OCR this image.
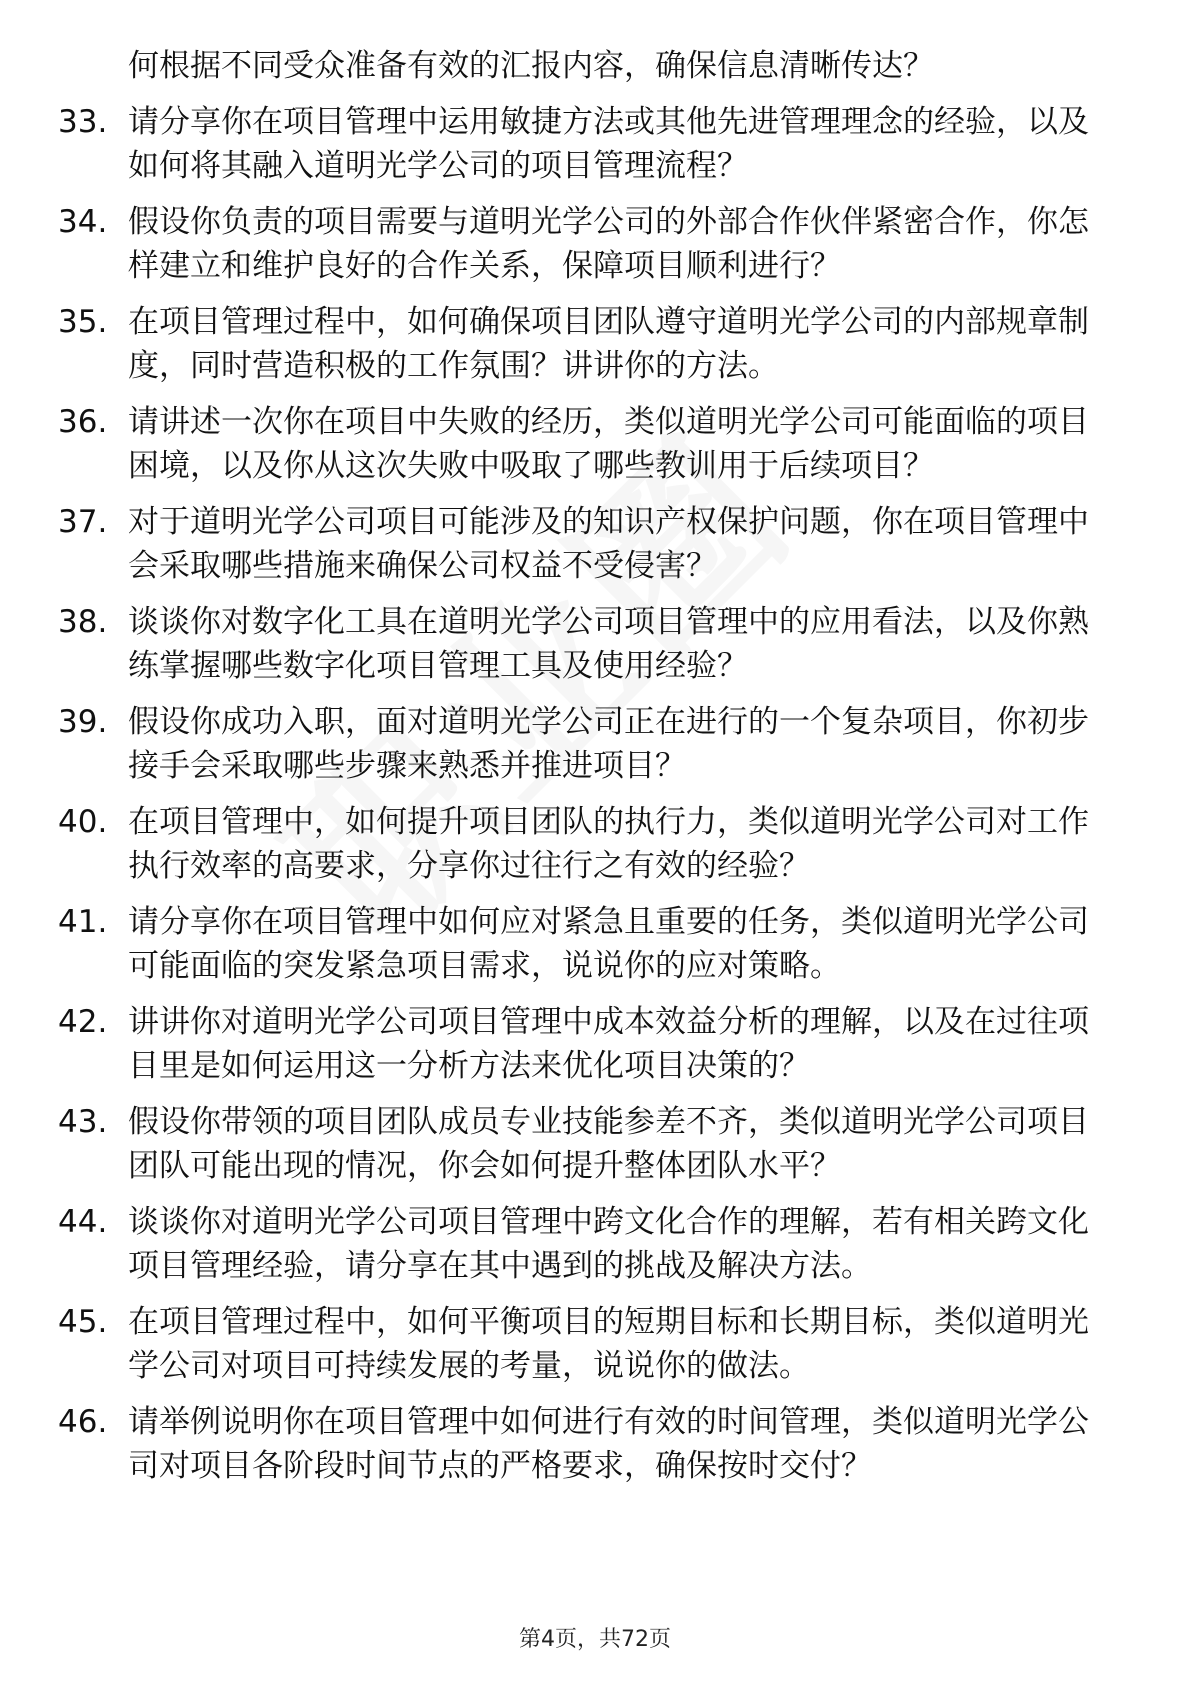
何根据不同受众准备有效的汇报内容，确保信息清晰传达？
33. 请分享你在项目管理中运用敏捷方法或其他先进管理理念的经验，以及如何将其融入道明光学公司的项目管理流程？
34. 假设你负责的项目需要与道明光学公司的外部合作伙伴紧密合作，你怎样建立和维护良好的合作关系，保障项目顺利进行？
35. 在项目管理过程中，如何确保项目团队遵守道明光学公司的内部规章制度，同时营造积极的工作氛围？讲讲你的方法。
36. 请讲述一次你在项目中失败的经历，类似道明光学公司可能面临的项目困境，以及你从这次失败中吸取了哪些教训用于后续项目？
37. 对于道明光学公司项目可能涉及的知识产权保护问题，你在项目管理中会采取哪些措施来确保公司权益不受侵害？
38. 谈谈你对数字化工具在道明光学公司项目管理中的应用看法，以及你熟练掌握哪些数字化项目管理工具及使用经验？
39. 假设你成功入职，面对道明光学公司正在进行的一个复杂项目，你初步接手会采取哪些步骤来熟悉并推进项目？
40. 在项目管理中，如何提升项目团队的执行力，类似道明光学公司对工作执行效率的高要求，分享你过往行之有效的经验？
41. 请分享你在项目管理中如何应对紧急且重要的任务，类似道明光学公司可能面临的突发紧急项目需求，说说你的应对策略。
42. 讲讲你对道明光学公司项目管理中成本效益分析的理解，以及在过往项目里是如何运用这一分析方法来优化项目决策的？
43. 假设你带领的项目团队成员专业技能参差不齐，类似道明光学公司项目团队可能出现的情况，你会如何提升整体团队水平？
44. 谈谈你对道明光学公司项目管理中跨文化合作的理解，若有相关跨文化项目管理经验，请分享在其中遇到的挑战及解决方法。
45. 在项目管理过程中，如何平衡项目的短期目标和长期目标，类似道明光学公司对项目可持续发展的考量，说说你的做法。
46. 请举例说明你在项目管理中如何进行有效的时间管理，类似道明光学公司对项目各阶段时间节点的严格要求，确保按时交付？
第4页，共72页
